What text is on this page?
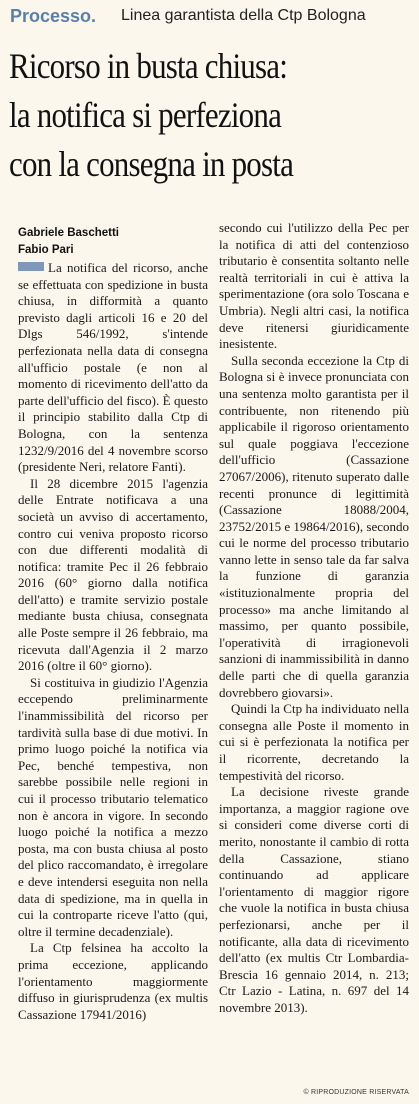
Processo. Linea garantista della Ctp Bologna
Ricorso in busta chiusa:
la notifica si perfeziona
con la consegna in posta
Gabriele Baschetti
Fabio Pari

La notifica del ricorso, anche se effettuata con spedizione in busta chiusa, in difformità a quanto previsto dagli articoli 16 e 20 del Dlgs 546/1992, s'intende perfezionata nella data di consegna all'ufficio postale (e non al momento di ricevimento dell'atto da parte dell'ufficio del fisco). È questo il principio stabilito dalla Ctp di Bologna, con la sentenza 1232/9/2016 del 4 novembre scorso (presidente Neri, relatore Fanti).

Il 28 dicembre 2015 l'agenzia delle Entrate notificava a una società un avviso di accertamento, contro cui veniva proposto ricorso con due differenti modalità di notifica: tramite Pec il 26 febbraio 2016 (60° giorno dalla notifica dell'atto) e tramite servizio postale mediante busta chiusa, consegnata alle Poste sempre il 26 febbraio, ma ricevuta dall'Agenzia il 2 marzo 2016 (oltre il 60° giorno).

Si costituiva in giudizio l'Agenzia eccependo preliminarmente l'inammissibilità del ricorso per tardività sulla base di due motivi. In primo luogo poiché la notifica via Pec, benché tempestiva, non sarebbe possibile nelle regioni in cui il processo tributario telematico non è ancora in vigore. In secondo luogo poiché la notifica a mezzo posta, ma con busta chiusa al posto del plico raccomandato, è irregolare e deve intendersi eseguita non nella data di spedizione, ma in quella in cui la controparte riceve l'atto (qui, oltre il termine decadenziale).

La Ctp felsinea ha accolto la prima eccezione, applicando l'orientamento maggiormente diffuso in giurisprudenza (ex multis Cassazione 17941/2016)

secondo cui l'utilizzo della Pec per la notifica di atti del contenzioso tributario è consentita soltanto nelle realtà territoriali in cui è attiva la sperimentazione (ora solo Toscana e Umbria). Negli altri casi, la notifica deve ritenersi giuridicamente inesistente.

Sulla seconda eccezione la Ctp di Bologna si è invece pronunciata con una sentenza molto garantista per il contribuente, non ritenendo più applicabile il rigoroso orientamento sul quale poggiava l'eccezione dell'ufficio (Cassazione 27067/2006), ritenuto superato dalle recenti pronunce di legittimità (Cassazione 18088/2004, 23752/2015 e 19864/2016), secondo cui le norme del processo tributario vanno lette in senso tale da far salva la funzione di garanzia «istituzionalmente propria del processo» ma anche limitando al massimo, per quanto possibile, l'operatività di irragionevoli sanzioni di inammissibilità in danno delle parti che di quella garanzia dovrebbero giovarsi».

Quindi la Ctp ha individuato nella consegna alle Poste il momento in cui si è perfezionata la notifica per il ricorrente, decretando la tempestività del ricorso.

La decisione riveste grande importanza, a maggior ragione ove si consideri come diverse corti di merito, nonostante il cambio di rotta della Cassazione, stiano continuando ad applicare l'orientamento di maggior rigore che vuole la notifica in busta chiusa perfezionarsi, anche per il notificante, alla data di ricevimento dell'atto (ex multis Ctr Lombardia-Brescia 16 gennaio 2014, n. 213; Ctr Lazio - Latina, n. 697 del 14 novembre 2013).

© RIPRODUZIONE RISERVATA
